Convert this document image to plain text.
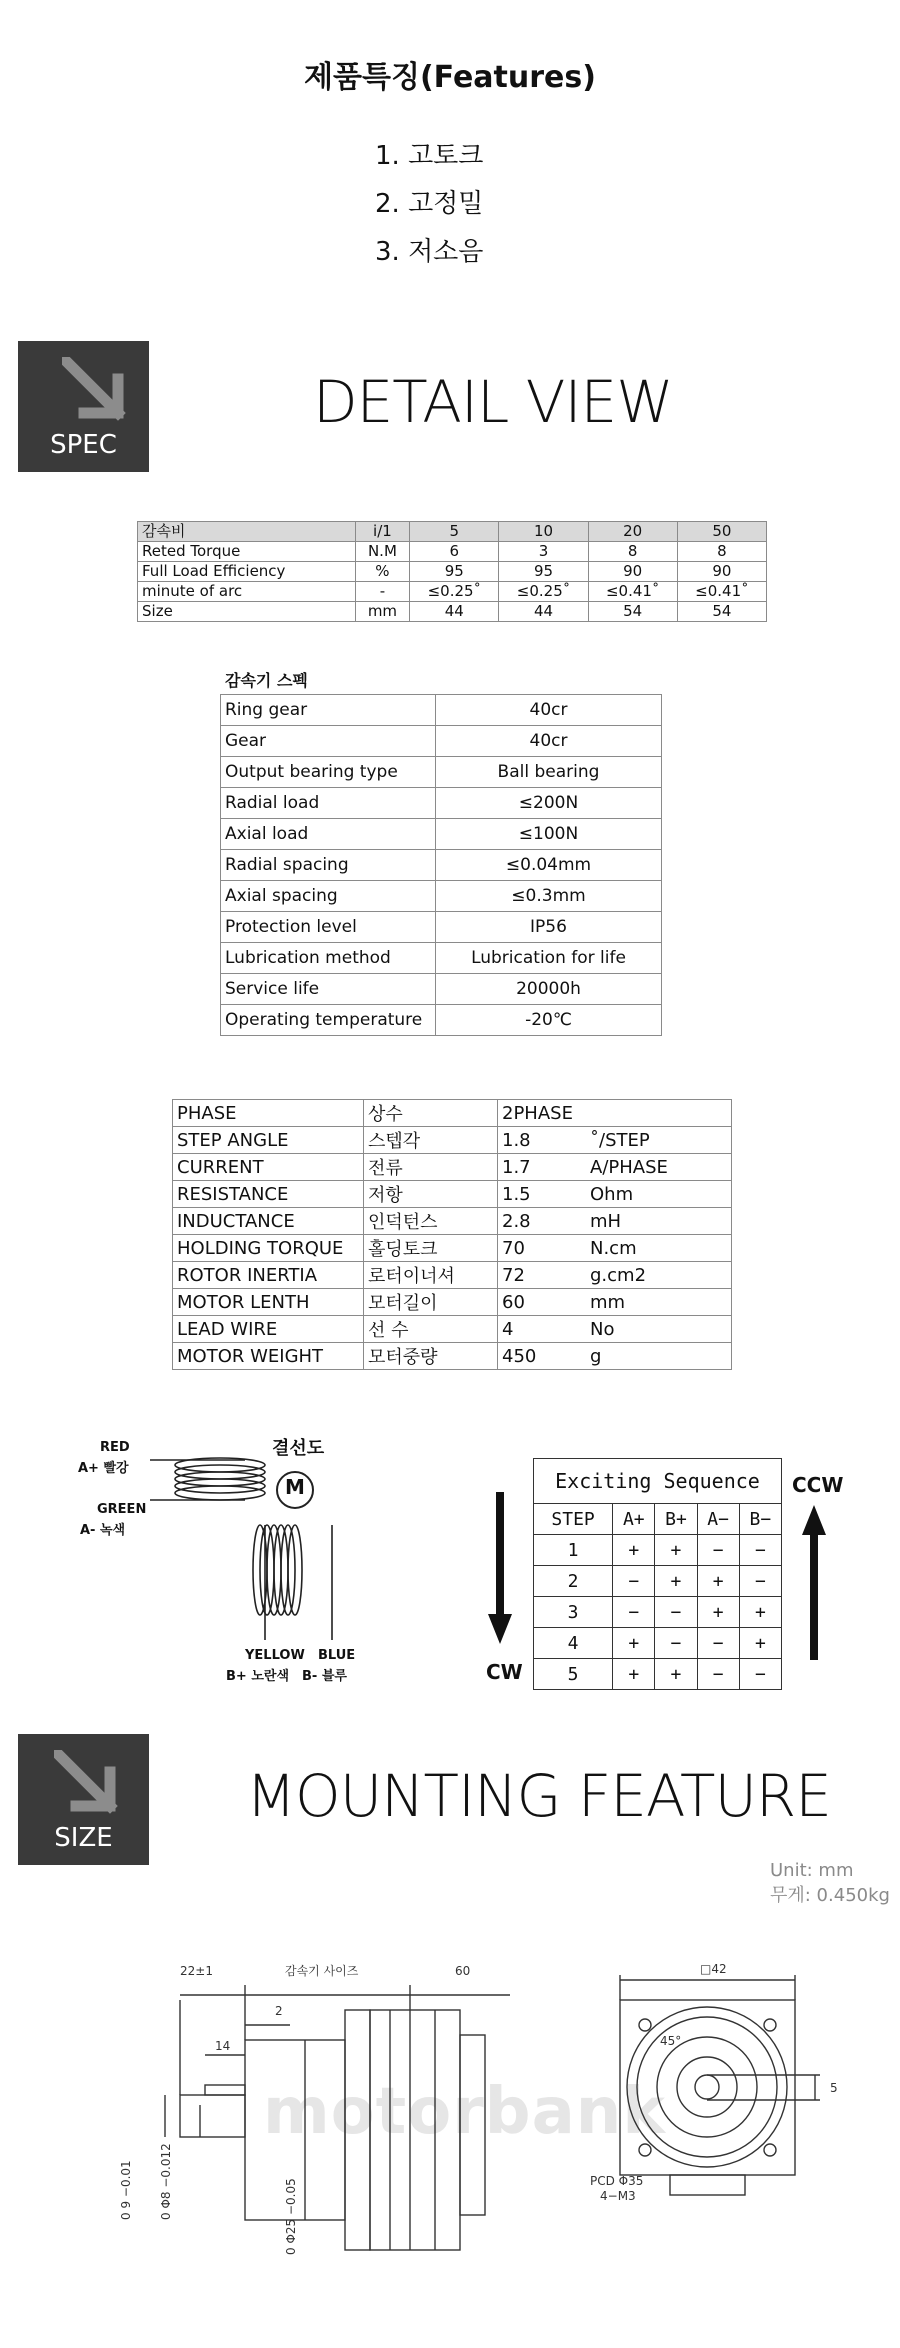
제품특징(Features)
1. 고토크
2. 고정밀
3. 저소음
SPEC
DETAIL VIEW
감속비	i/1	5	10	20	50
Reted Torque	N.M	6	3	8	8
Full Load Efficiency	%	95	95	90	90
minute of arc	-	≤0.25˚	≤0.25˚	≤0.41˚	≤0.41˚
Size	mm	44	44	54	54
감속기 스펙
Ring gear	40cr
Gear	40cr
Output bearing type	Ball bearing
Radial load	≤200N
Axial load	≤100N
Radial spacing	≤0.04mm
Axial spacing	≤0.3mm
Protection level	IP56
Lubrication method	Lubrication for life
Service life	20000h
Operating temperature	-20℃
PHASE	상수	2PHASE	
STEP ANGLE	스텝각	1.8	˚/STEP
CURRENT	전류	1.7	A/PHASE
RESISTANCE	저항	1.5	Ohm
INDUCTANCE	인덕턴스	2.8	mH
HOLDING TORQUE	홀딩토크	70	N.cm
ROTOR INERTIA	로터이너셔	72	g.cm2
MOTOR LENTH	모터길이	60	mm
LEAD WIRE	선 수	4	No
MOTOR WEIGHT	모터중량	450	g
결선도
RED
A+ 빨강
GREEN
A- 녹색
YELLOW BLUE
B+ 노란색 B- 블루
M
CW
CCW
Exciting Sequence				
STEP	A+	B+	A−	B−
1	+	+	−	−
2	−	+	+	−
3	−	−	+	+
4	+	−	−	+
5	+	+	−	−
SIZE
MOUNTING FEATURE
Unit: mm
무게: 0.450kg
motorbank
22±1	감속기 사이즈	60
2
14
□42
45°
5
PCD Φ35
4−M3
0 9 −0.01 0 Φ8 −0.012	0 Φ25 −0.05
